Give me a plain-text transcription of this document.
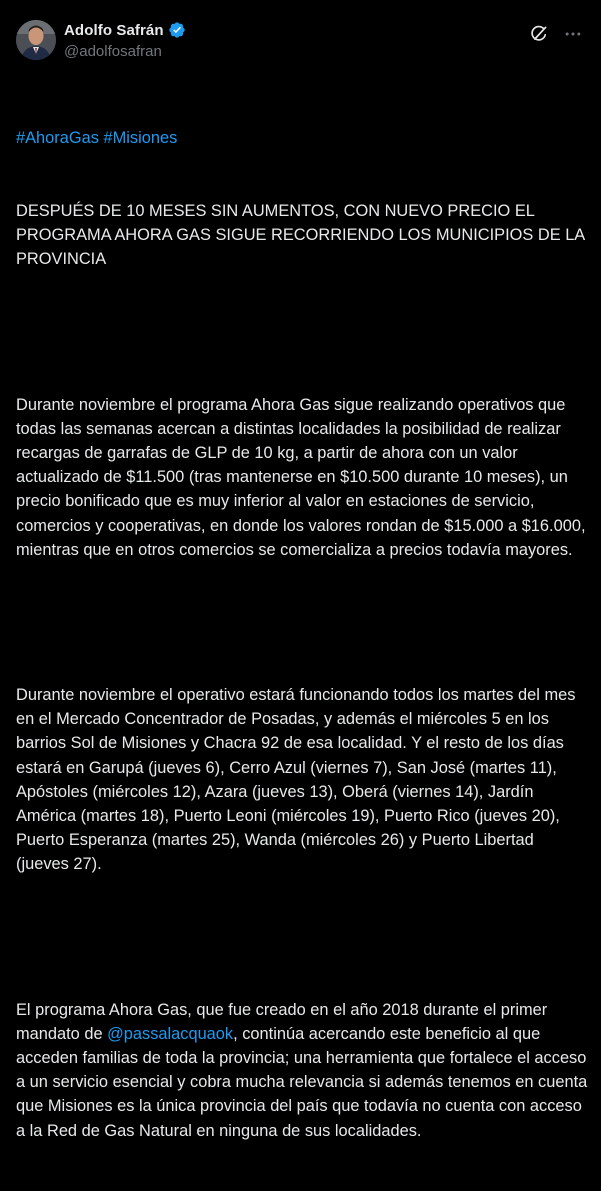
Adolfo Safrán
@adolfosafran

#AhoraGas #Misiones

DESPUÉS DE 10 MESES SIN AUMENTOS, CON NUEVO PRECIO EL PROGRAMA AHORA GAS SIGUE RECORRIENDO LOS MUNICIPIOS DE LA PROVINCIA

Durante noviembre el programa Ahora Gas sigue realizando operativos que todas las semanas acercan a distintas localidades la posibilidad de realizar recargas de garrafas de GLP de 10 kg, a partir de ahora con un valor actualizado de $11.500 (tras mantenerse en $10.500 durante 10 meses), un precio bonificado que es muy inferior al valor en estaciones de servicio, comercios y cooperativas, en donde los valores rondan de $15.000 a $16.000, mientras que en otros comercios se comercializa a precios todavía mayores.

Durante noviembre el operativo estará funcionando todos los martes del mes en el Mercado Concentrador de Posadas, y además el miércoles 5 en los barrios Sol de Misiones y Chacra 92 de esa localidad. Y el resto de los días estará en Garupá (jueves 6), Cerro Azul (viernes 7), San José (martes 11), Apóstoles (miércoles 12), Azara (jueves 13), Oberá (viernes 14), Jardín América (martes 18), Puerto Leoni (miércoles 19), Puerto Rico (jueves 20), Puerto Esperanza (martes 25), Wanda (miércoles 26) y Puerto Libertad (jueves 27).

El programa Ahora Gas, que fue creado en el año 2018 durante el primer mandato de @passalacquaok, continúa acercando este beneficio al que acceden familias de toda la provincia; una herramienta que fortalece el acceso a un servicio esencial y cobra mucha relevancia si además tenemos en cuenta que Misiones es la única provincia del país que todavía no cuenta con acceso a la Red de Gas Natural en ninguna de sus localidades.
